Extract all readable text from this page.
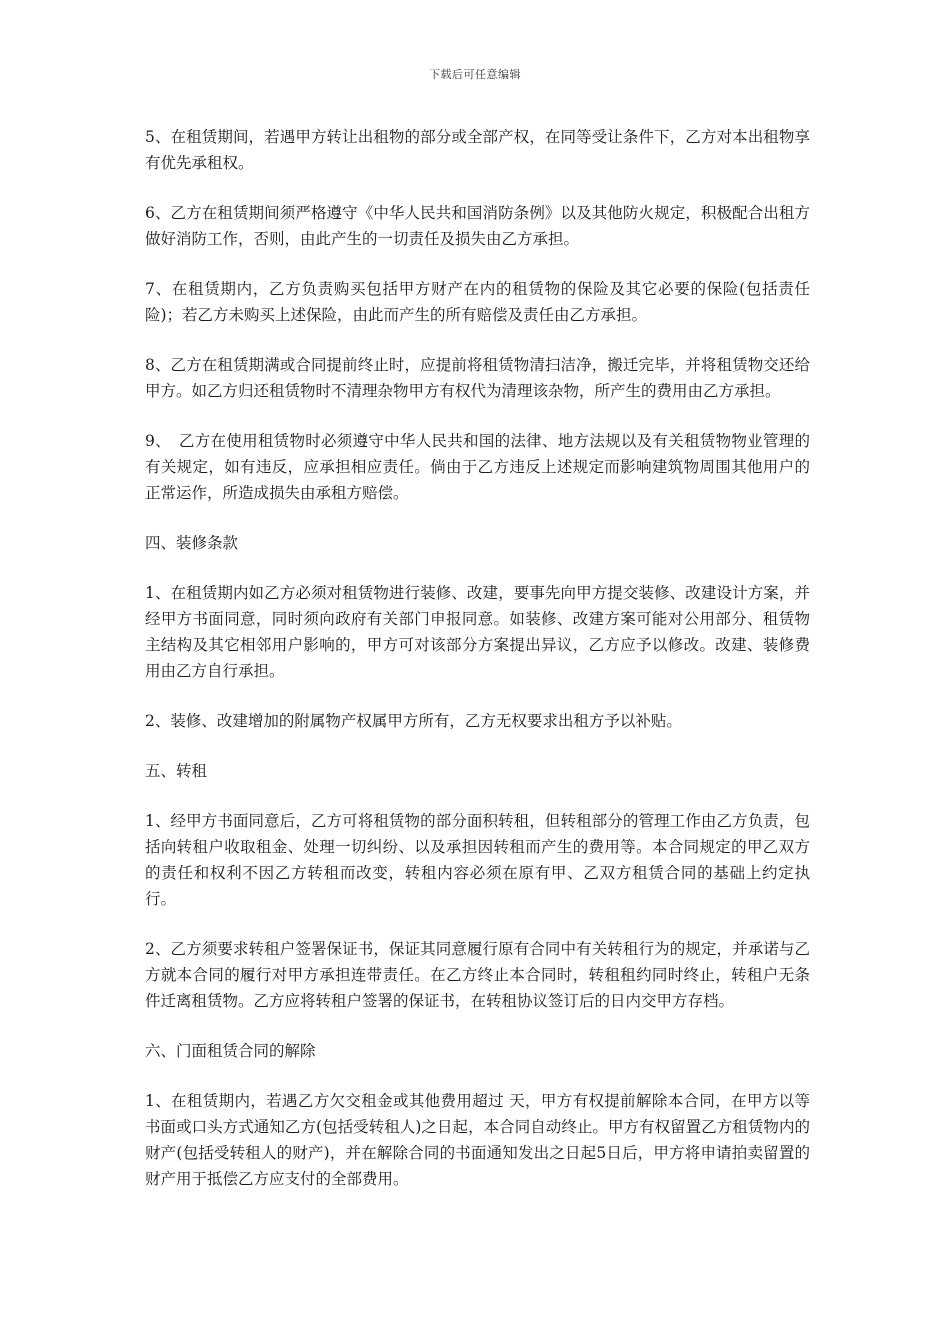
下载后可任意编辑

5、在租赁期间，若遇甲方转让出租物的部分或全部产权，在同等受让条件下，乙方对本出租物享有优先承租权。

6、乙方在租赁期间须严格遵守《中华人民共和国消防条例》以及其他防火规定，积极配合出租方做好消防工作，否则，由此产生的一切责任及损失由乙方承担。

7、在租赁期内，乙方负责购买包括甲方财产在内的租赁物的保险及其它必要的保险(包括责任险)；若乙方未购买上述保险，由此而产生的所有赔偿及责任由乙方承担。

8、乙方在租赁期满或合同提前终止时，应提前将租赁物清扫洁净，搬迁完毕，并将租赁物交还给甲方。如乙方归还租赁物时不清理杂物甲方有权代为清理该杂物，所产生的费用由乙方承担。

9、　乙方在使用租赁物时必须遵守中华人民共和国的法律、地方法规以及有关租赁物物业管理的有关规定，如有违反，应承担相应责任。倘由于乙方违反上述规定而影响建筑物周围其他用户的正常运作，所造成损失由承租方赔偿。

四、装修条款

1、在租赁期内如乙方必须对租赁物进行装修、改建，要事先向甲方提交装修、改建设计方案，并经甲方书面同意，同时须向政府有关部门申报同意。如装修、改建方案可能对公用部分、租赁物主结构及其它相邻用户影响的，甲方可对该部分方案提出异议，乙方应予以修改。改建、装修费用由乙方自行承担。

2、装修、改建增加的附属物产权属甲方所有，乙方无权要求出租方予以补贴。

五、转租

1、经甲方书面同意后，乙方可将租赁物的部分面积转租，但转租部分的管理工作由乙方负责，包括向转租户收取租金、处理一切纠纷、以及承担因转租而产生的费用等。本合同规定的甲乙双方的责任和权利不因乙方转租而改变，转租内容必须在原有甲、乙双方租赁合同的基础上约定执行。

2、乙方须要求转租户签署保证书，保证其同意履行原有合同中有关转租行为的规定，并承诺与乙方就本合同的履行对甲方承担连带责任。在乙方终止本合同时，转租租约同时终止，转租户无条件迁离租赁物。乙方应将转租户签署的保证书，在转租协议签订后的日内交甲方存档。

六、门面租赁合同的解除

1、在租赁期内，若遇乙方欠交租金或其他费用超过 天，甲方有权提前解除本合同，在甲方以等书面或口头方式通知乙方(包括受转租人)之日起，本合同自动终止。甲方有权留置乙方租赁物内的财产(包括受转租人的财产)，并在解除合同的书面通知发出之日起5日后，甲方将申请拍卖留置的财产用于抵偿乙方应支付的全部费用。
